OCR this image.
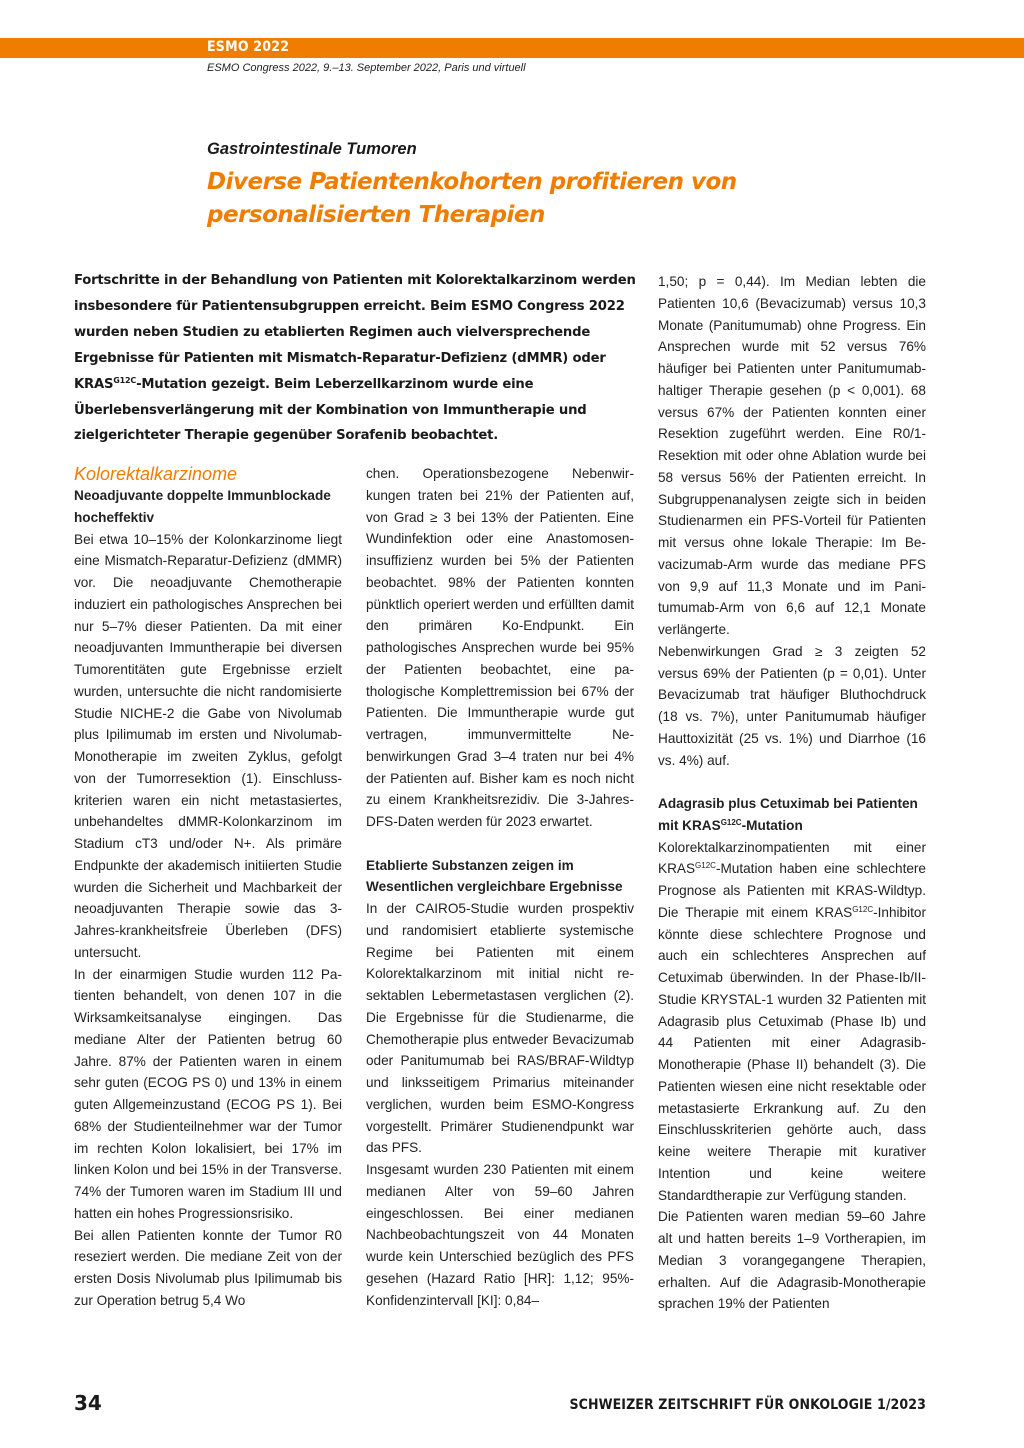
ESMO 2022
ESMO Congress 2022, 9.–13. September 2022, Paris und virtuell
Gastrointestinale Tumoren
Diverse Patientenkohorten profitieren von
personalisierten Therapien
Fortschritte in der Behandlung von Patienten mit Kolorektalkarzinom werden insbesondere für Patientensubgruppen erreicht. Beim ESMO Congress 2022 wurden neben Studien zu etablierten Regimen auch vielversprechende Ergebnisse für Patienten mit Mismatch-Reparatur-Defizienz (dMMR) oder $KRAS^{G12C}$-Mutation gezeigt. Beim Leberzellkarzinom wurde eine Überlebensverlängerung mit der Kombination von Immuntherapie und zielgerichteter Therapie gegenüber Sorafenib beobachtet.
Kolorektalkarzinome

Neoadjuvante doppelte Immunblockade hocheffektiv

Bei etwa 10–15% der Kolonkarzinome liegt eine Mismatch-Reparatur-Defizienz (dMMR) vor. Die neoadjuvante Chemotherapie induziert ein pathologisches Ansprechen bei nur 5–7% dieser Patienten. Da mit einer neoadjuvanten Immuntherapie bei diversen Tumorentitäten gute Ergebnisse erzielt wurden, untersuchte die nicht randomisierte Studie NICHE-2 die Gabe von Nivolumab plus Ipilimumab im ersten und Nivolumab-Monotherapie im zweiten Zyklus, gefolgt von der Tumorresektion (1). Einschlusskriterien waren ein nicht metastasiertes, unbehandeltes dMMR-Kolonkarzinom im Stadium cT3 und/oder N+. Als primäre Endpunkte der akademisch initiierten Studie wurden die Sicherheit und Machbarkeit der neoadjuvanten Therapie sowie das 3-Jahres-krankheitsfreie Überleben (DFS) untersucht.

In der einarmigen Studie wurden 112 Patienten behandelt, von denen 107 in die Wirksamkeitsanalyse eingingen. Das mediane Alter der Patienten betrug 60 Jahre. 87% der Patienten waren in einem sehr guten (ECOG PS 0) und 13% in einem guten Allgemeinzustand (ECOG PS 1). Bei 68% der Studienteilnehmer war der Tumor im rechten Kolon lokalisiert, bei 17% im linken Kolon und bei 15% in der Transverse. 74% der Tumoren waren im Stadium III und hatten ein hohes Progressionsrisiko.

Bei allen Patienten konnte der Tumor R0 reseziert werden. Die mediane Zeit von der ersten Dosis Nivolumab plus Ipilimumab bis zur Operation betrug 5,4 Wo

chen. Operationsbezogene Nebenwirkungen traten bei 21% der Patienten auf, von Grad ≥ 3 bei 13% der Patienten. Eine Wundinfektion oder eine Anastomoseninsuffizienz wurden bei 5% der Patienten beobachtet. 98% der Patienten konnten pünktlich operiert werden und erfüllten damit den primären Ko-Endpunkt. Ein pathologisches Ansprechen wurde bei 95% der Patienten beobachtet, eine pathologische Komplettremission bei 67% der Patienten. Die Immuntherapie wurde gut vertragen, immunvermittelte Nebenwirkungen Grad 3–4 traten nur bei 4% der Patienten auf. Bisher kam es noch nicht zu einem Krankheitsrezidiv. Die 3-Jahres-DFS-Daten werden für 2023 erwartet.

Etablierte Substanzen zeigen im Wesentlichen vergleichbare Ergebnisse

In der CAIRO5-Studie wurden prospektiv und randomisiert etablierte systemische Regime bei Patienten mit einem Kolorektalkarzinom mit initial nicht resektablen Lebermetastasen verglichen (2). Die Ergebnisse für die Studienarme, die Chemotherapie plus entweder Bevacizumab oder Panitumumab bei RAS/BRAF-Wildtyp und linksseitigem Primarius miteinander verglichen, wurden beim ESMO-Kongress vorgestellt. Primärer Studienendpunkt war das PFS.

Insgesamt wurden 230 Patienten mit einem medianen Alter von 59–60 Jahren eingeschlossen. Bei einer medianen Nachbeobachtungszeit von 44 Monaten wurde kein Unterschied bezüglich des PFS gesehen (Hazard Ratio [HR]: 1,12; 95%-Konfidenzintervall [KI]: 0,84–

1,50; p = 0,44). Im Median lebten die Patienten 10,6 (Bevacizumab) versus 10,3 Monate (Panitumumab) ohne Progress. Ein Ansprechen wurde mit 52 versus 76% häufiger bei Patienten unter Panitumumab-haltiger Therapie gesehen (p < 0,001). 68 versus 67% der Patienten konnten einer Resektion zugeführt werden. Eine R0/1-Resektion mit oder ohne Ablation wurde bei 58 versus 56% der Patienten erreicht. In Subgruppenanalysen zeigte sich in beiden Studienarmen ein PFS-Vorteil für Patienten mit versus ohne lokale Therapie: Im Bevacizumab-Arm wurde das mediane PFS von 9,9 auf 11,3 Monate und im Panitumumab-Arm von 6,6 auf 12,1 Monate verlängerte.

Nebenwirkungen Grad ≥ 3 zeigten 52 versus 69% der Patienten (p = 0,01). Unter Bevacizumab trat häufiger Bluthochdruck (18 vs. 7%), unter Panitumumab häufiger Hauttoxizität (25 vs. 1%) und Diarrhoe (16 vs. 4%) auf.

Adagrasib plus Cetuximab bei Patienten mit $KRAS^{G12C}$-Mutation

Kolorektalkarzinompatienten mit einer $KRAS^{G12C}$-Mutation haben eine schlechtere Prognose als Patienten mit KRAS-Wildtyp. Die Therapie mit einem $KRAS^{G12C}$-Inhibitor könnte diese schlechtere Prognose und auch ein schlechteres Ansprechen auf Cetuximab überwinden. In der Phase-Ib/II-Studie KRYSTAL-1 wurden 32 Patienten mit Adagrasib plus Cetuximab (Phase Ib) und 44 Patienten mit einer Adagrasib-Monotherapie (Phase II) behandelt (3). Die Patienten wiesen eine nicht resektable oder metastasierte Erkrankung auf. Zu den Einschlusskriterien gehörte auch, dass keine weitere Therapie mit kurativer Intention und keine weitere Standardtherapie zur Verfügung standen.

Die Patienten waren median 59–60 Jahre alt und hatten bereits 1–9 Vortherapien, im Median 3 vorangegangene Therapien, erhalten. Auf die Adagrasib-Monotherapie sprachen 19% der Patienten

34	SCHWEIZER ZEITSCHRIFT FÜR ONKOLOGIE 1/2023
